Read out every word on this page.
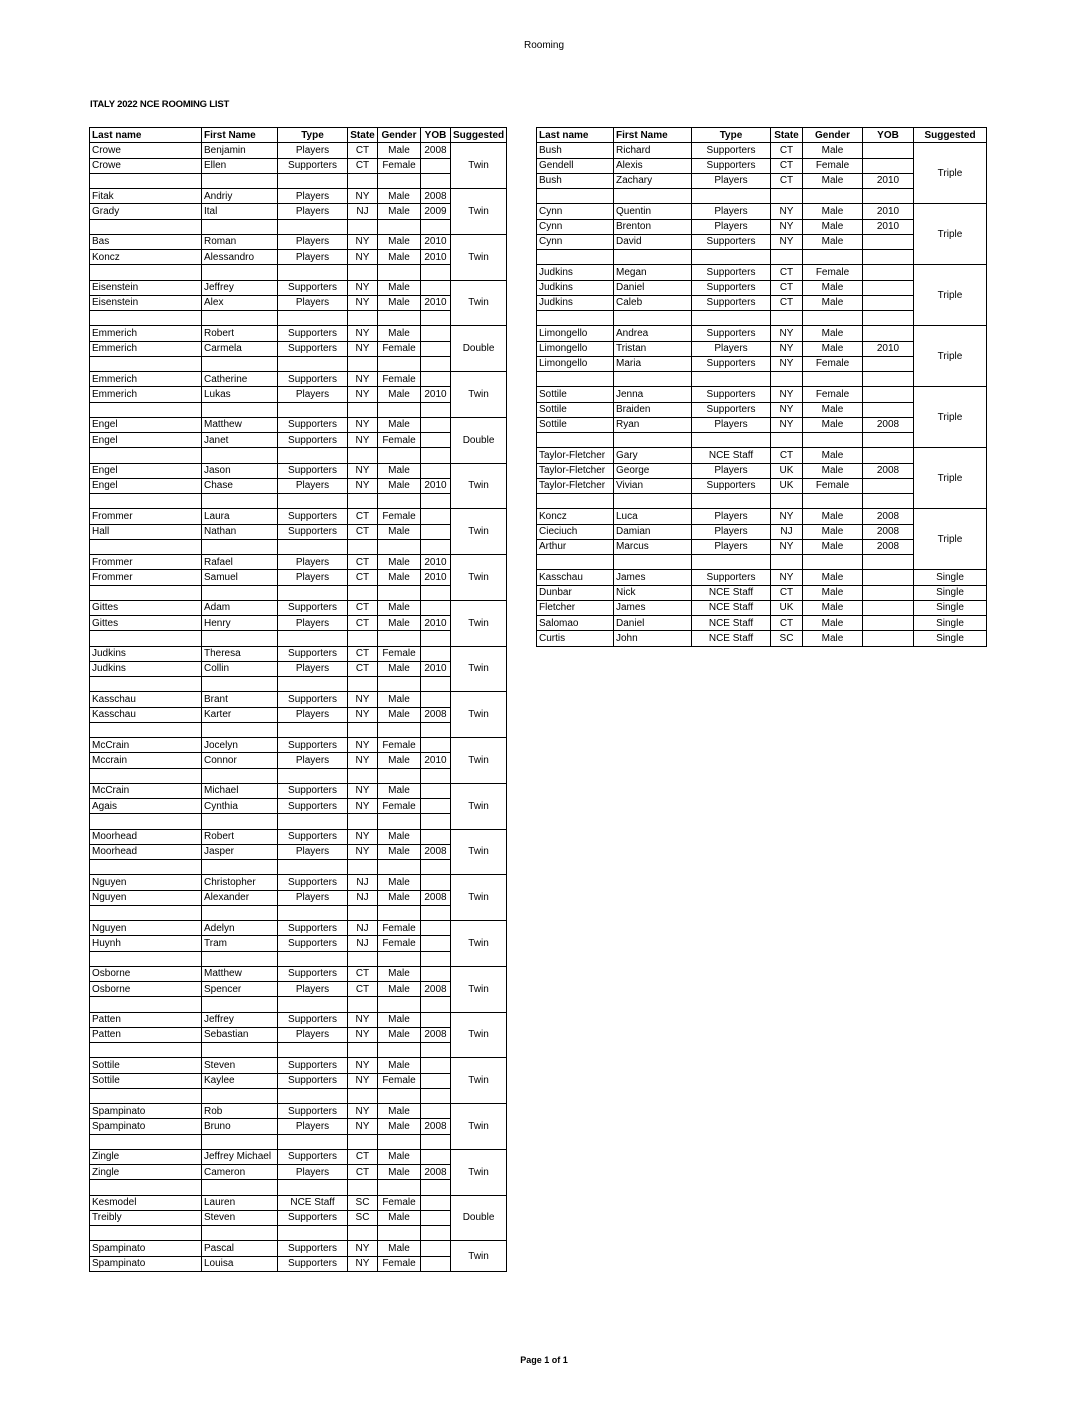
Rooming
ITALY 2022 NCE ROOMING LIST
Last name	First Name	Type	State	Gender	YOB	Suggested
Crowe	Benjamin	Players	CT	Male	2008	Twin
Crowe	Ellen	Supporters	CT	Female		

Fitak	Andriy	Players	NY	Male	2008	Twin
Grady	Ital	Players	NJ	Male	2009	

Bas	Roman	Players	NY	Male	2010	Twin
Koncz	Alessandro	Players	NY	Male	2010	

Eisenstein	Jeffrey	Supporters	NY	Male		Twin
Eisenstein	Alex	Players	NY	Male	2010	

Emmerich	Robert	Supporters	NY	Male		Double
Emmerich	Carmela	Supporters	NY	Female		

Emmerich	Catherine	Supporters	NY	Female		Twin
Emmerich	Lukas	Players	NY	Male	2010	

Engel	Matthew	Supporters	NY	Male		Double
Engel	Janet	Supporters	NY	Female		

Engel	Jason	Supporters	NY	Male		Twin
Engel	Chase	Players	NY	Male	2010	

Frommer	Laura	Supporters	CT	Female		Twin
Hall	Nathan	Supporters	CT	Male		

Frommer	Rafael	Players	CT	Male	2010	Twin
Frommer	Samuel	Players	CT	Male	2010	

Gittes	Adam	Supporters	CT	Male		Twin
Gittes	Henry	Players	CT	Male	2010	

Judkins	Theresa	Supporters	CT	Female		Twin
Judkins	Collin	Players	CT	Male	2010	

Kasschau	Brant	Supporters	NY	Male		Twin
Kasschau	Karter	Players	NY	Male	2008	

McCrain	Jocelyn	Supporters	NY	Female		Twin
Mccrain	Connor	Players	NY	Male	2010	

McCrain	Michael	Supporters	NY	Male		Twin
Agais	Cynthia	Supporters	NY	Female		

Moorhead	Robert	Supporters	NY	Male		Twin
Moorhead	Jasper	Players	NY	Male	2008	

Nguyen	Christopher	Supporters	NJ	Male		Twin
Nguyen	Alexander	Players	NJ	Male	2008	

Nguyen	Adelyn	Supporters	NJ	Female		Twin
Huynh	Tram	Supporters	NJ	Female		

Osborne	Matthew	Supporters	CT	Male		Twin
Osborne	Spencer	Players	CT	Male	2008	

Patten	Jeffrey	Supporters	NY	Male		Twin
Patten	Sebastian	Players	NY	Male	2008	

Sottile	Steven	Supporters	NY	Male		Twin
Sottile	Kaylee	Supporters	NY	Female		

Spampinato	Rob	Supporters	NY	Male		Twin
Spampinato	Bruno	Players	NY	Male	2008	

Zingle	Jeffrey Michael	Supporters	CT	Male		Twin
Zingle	Cameron	Players	CT	Male	2008	

Kesmodel	Lauren	NCE Staff	SC	Female		Double
Treibly	Steven	Supporters	SC	Male		

Spampinato	Pascal	Supporters	NY	Male		Twin
Spampinato	Louisa	Supporters	NY	Female		
Last name	First Name	Type	State	Gender	YOB	Suggested
Bush	Richard	Supporters	CT	Male		Triple
Gendell	Alexis	Supporters	CT	Female		
Bush	Zachary	Players	CT	Male	2010	

Cynn	Quentin	Players	NY	Male	2010	Triple
Cynn	Brenton	Players	NY	Male	2010	
Cynn	David	Supporters	NY	Male		

Judkins	Megan	Supporters	CT	Female		Triple
Judkins	Daniel	Supporters	CT	Male		
Judkins	Caleb	Supporters	CT	Male		

Limongello	Andrea	Supporters	NY	Male		Triple
Limongello	Tristan	Players	NY	Male	2010	
Limongello	Maria	Supporters	NY	Female		

Sottile	Jenna	Supporters	NY	Female		Triple
Sottile	Braiden	Supporters	NY	Male		
Sottile	Ryan	Players	NY	Male	2008	

Taylor-Fletcher	Gary	NCE Staff	CT	Male		Triple
Taylor-Fletcher	George	Players	UK	Male	2008	
Taylor-Fletcher	Vivian	Supporters	UK	Female		

Koncz	Luca	Players	NY	Male	2008	Triple
Cieciuch	Damian	Players	NJ	Male	2008	
Arthur	Marcus	Players	NY	Male	2008	

Kasschau	James	Supporters	NY	Male		Single
Dunbar	Nick	NCE Staff	CT	Male		Single
Fletcher	James	NCE Staff	UK	Male		Single
Salomao	Daniel	NCE Staff	CT	Male		Single
Curtis	John	NCE Staff	SC	Male		Single
Page 1 of 1
